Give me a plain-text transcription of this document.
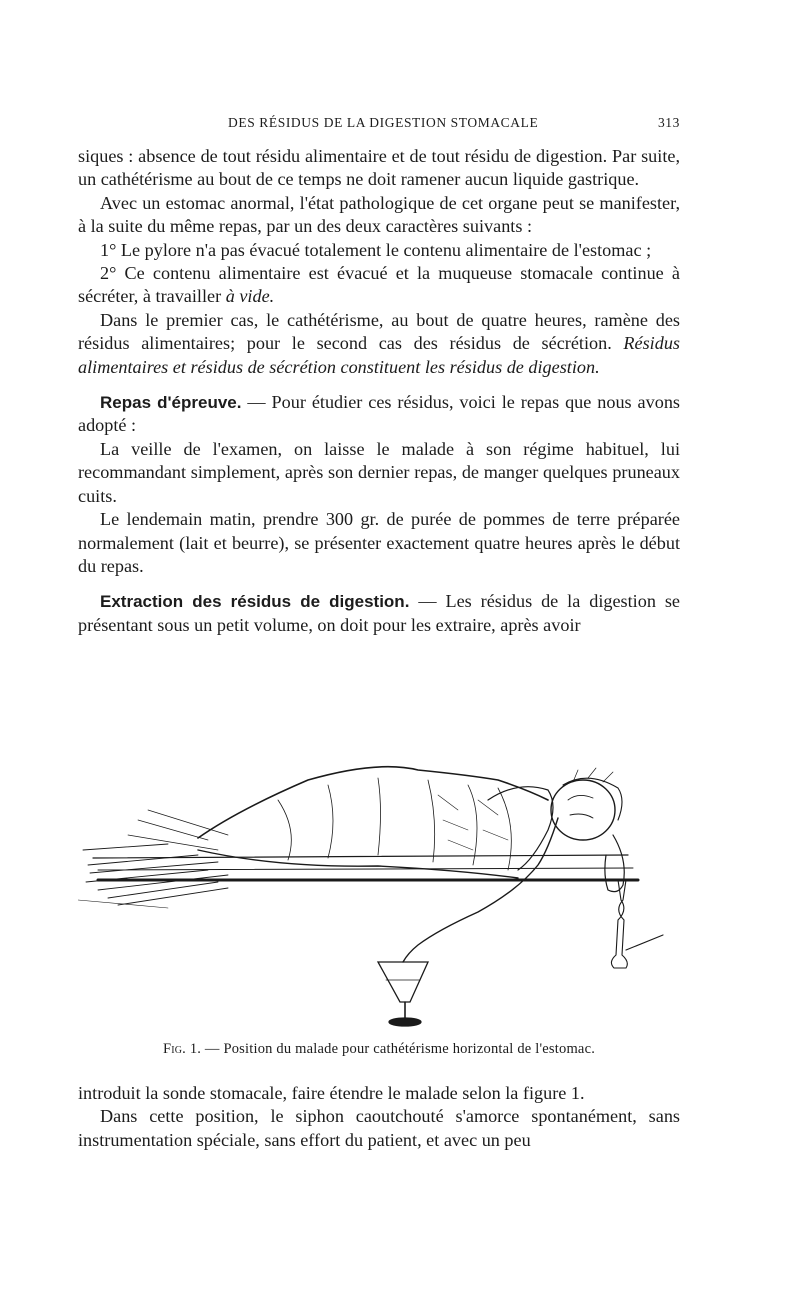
DES RÉSIDUS DE LA DIGESTION STOMACALE	313

siques : absence de tout résidu alimentaire et de tout résidu de digestion. Par suite, un cathétérisme au bout de ce temps ne doit ramener aucun liquide gastrique.

Avec un estomac anormal, l'état pathologique de cet organe peut se manifester, à la suite du même repas, par un des deux caractères suivants :

1° Le pylore n'a pas évacué totalement le contenu alimentaire de l'estomac ;

2° Ce contenu alimentaire est évacué et la muqueuse stomacale continue à sécréter, à travailler à vide.

Dans le premier cas, le cathétérisme, au bout de quatre heures, ramène des résidus alimentaires; pour le second cas des résidus de sécrétion. Résidus alimentaires et résidus de sécrétion constituent les résidus de digestion.

Repas d'épreuve. — Pour étudier ces résidus, voici le repas que nous avons adopté :

La veille de l'examen, on laisse le malade à son régime habituel, lui recommandant simplement, après son dernier repas, de manger quelques pruneaux cuits.

Le lendemain matin, prendre 300 gr. de purée de pommes de terre préparée normalement (lait et beurre), se présenter exactement quatre heures après le début du repas.

Extraction des résidus de digestion. — Les résidus de la digestion se présentant sous un petit volume, on doit pour les extraire, après avoir

Fig. 1. — Position du malade pour cathétérisme horizontal de l'estomac.

introduit la sonde stomacale, faire étendre le malade selon la figure 1.

Dans cette position, le siphon caoutchouté s'amorce spontanément, sans instrumentation spéciale, sans effort du patient, et avec un peu
